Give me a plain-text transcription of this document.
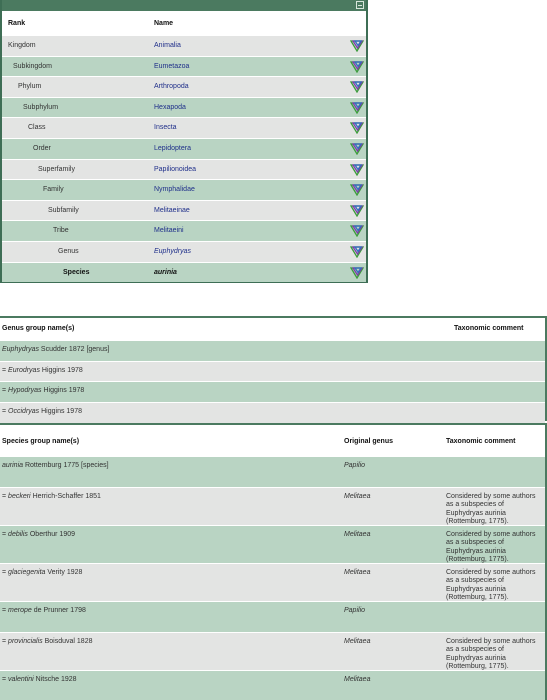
Rank	Name
Kingdom	Animalia
Subkingdom	Eumetazoa
Phylum	Arthropoda
Subphylum	Hexapoda
Class	Insecta
Order	Lepidoptera
Superfamily	Papilionoidea
Family	Nymphalidae
Subfamily	Melitaeinae
Tribe	Melitaeini
Genus	Euphydryas
Species	aurinia
Genus group name(s)	Taxonomic comment
Euphydryas Scudder 1872 [genus]
= Eurodryas Higgins 1978
= Hypodryas Higgins 1978
= Occidryas Higgins 1978
Species group name(s)	Original genus	Taxonomic comment
aurinia Rottemburg 1775 [species]	Papilio
= beckeri Herrich-Schaffer 1851	Melitaea	Considered by some authors as a subspecies of Euphydryas aurinia (Rottemburg, 1775).
= debilis Oberthur 1909	Melitaea	Considered by some authors as a subspecies of Euphydryas aurinia (Rottemburg, 1775).
= glaciegenita Verity 1928	Melitaea	Considered by some authors as a subspecies of Euphydryas aurinia (Rottemburg, 1775).
= merope de Prunner 1798	Papilio
= provincialis Boisduval 1828	Melitaea	Considered by some authors as a subspecies of Euphydryas aurinia (Rottemburg, 1775).
= valentini Nitsche 1928	Melitaea
